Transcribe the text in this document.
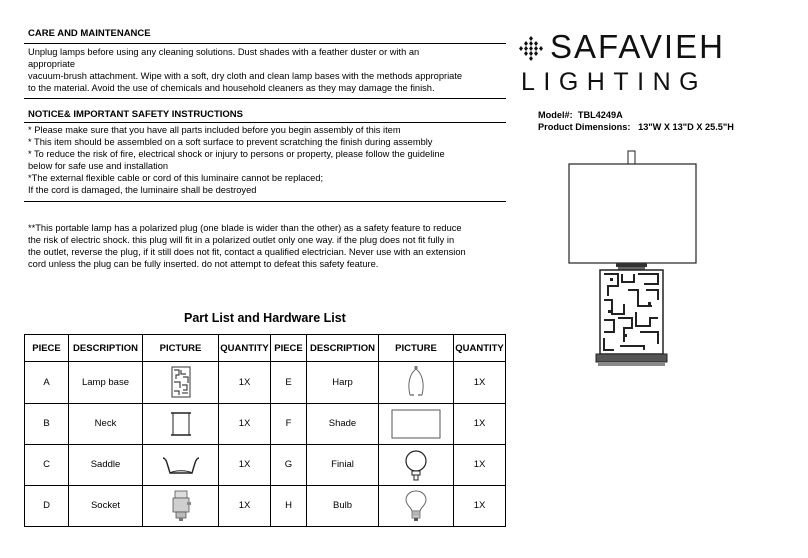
CARE AND MAINTENANCE

Unplug lamps before using any cleaning solutions. Dust shades with a feather duster or with an

appropriate

vacuum-brush attachment. Wipe with a soft, dry cloth and clean lamp bases with the methods appropriate

to the material. Avoid the use of chemicals and household cleaners as they may damage the finish.

NOTICE& IMPORTANT SAFETY INSTRUCTIONS

* Please make sure that you have all parts included before you begin assembly of this item

* This item should be assembled on a soft surface to prevent scratching the finish during assembly

* To reduce the risk of fire, electrical shock or injury to persons or property, please follow the guideline

below for safe use and installation

*The external flexible cable or cord of this luminaire cannot be replaced;

If the cord is damaged, the luminaire shall be destroyed

**This portable lamp has a polarized plug (one blade is wider than the other) as a safety feature to reduce

the risk of electric shock. this plug will fit in a polarized outlet only one way. if the plug does not fit fully in

the outlet, reverse the plug, if it still does not fit, contact a qualified electrician. Never use with an extension

cord unless the plug can be fully inserted. do not attempt to defeat this safety feature.

SAFAVIEH
LIGHTING
Model#: TBL4249A
Product Dimensions: 13"W X 13"D X 25.5"H
Part List and Hardware List
PIECE	DESCRIPTION	PICTURE	QUANTITY	PIECE	DESCRIPTION	PICTURE	QUANTITY
A	Lamp base		1X	E	Harp		1X
B	Neck		1X	F	Shade		1X
C	Saddle		1X	G	Finial		1X
D	Socket		1X	H	Bulb		1X
